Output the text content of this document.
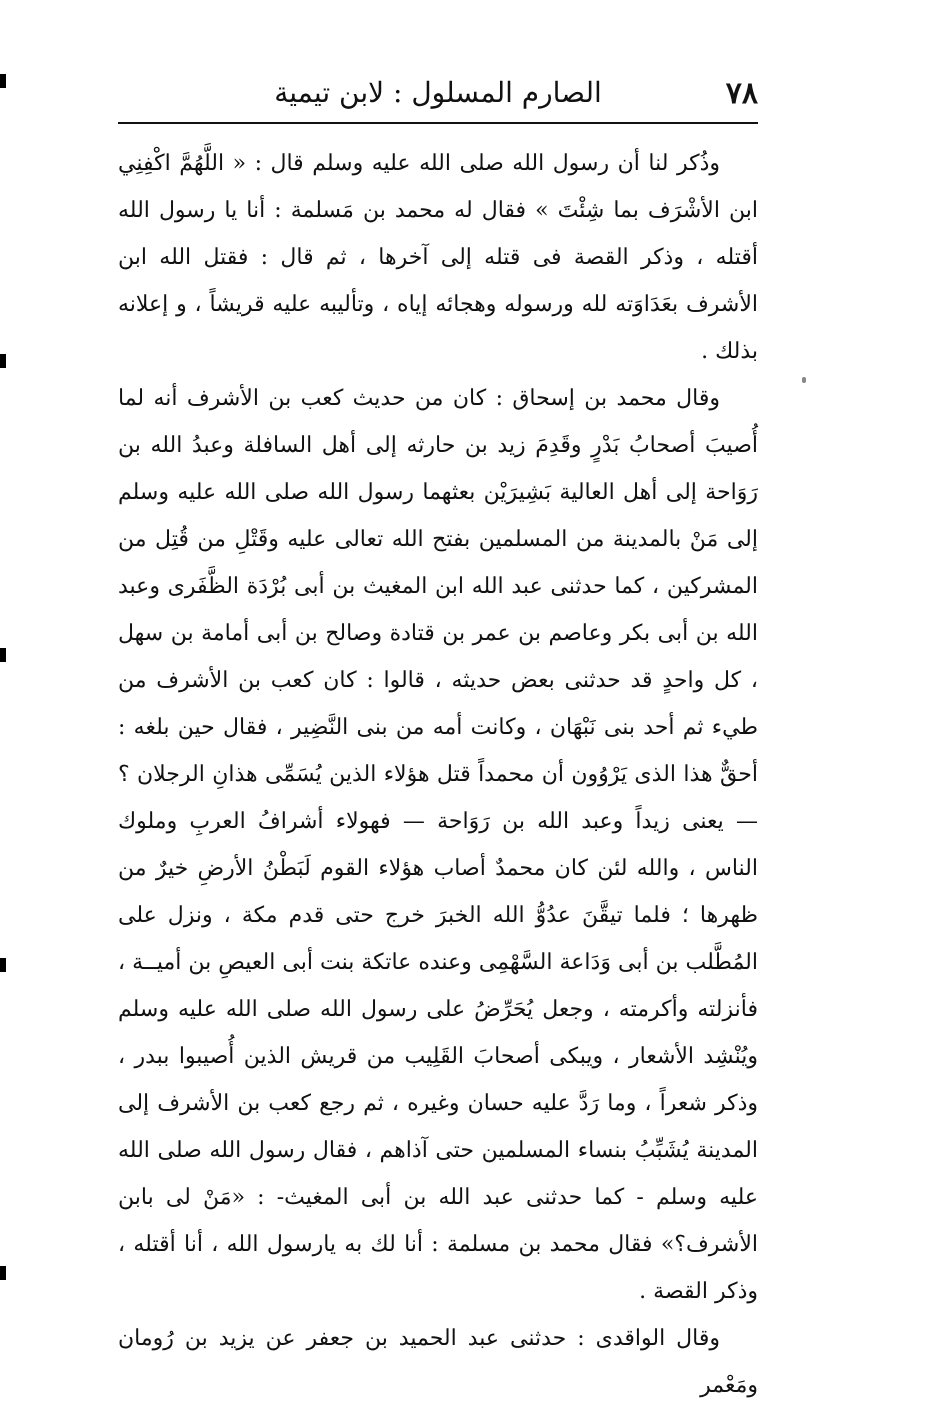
٧٨
الصارم المسلول : لابن تيمية

وذُكر لنا أن رسول الله صلى الله عليه وسلم قال : « اللَّهُمَّ اكْفِنِي ابن الأشْرَف بما شِئْتَ » فقال له محمد بن مَسلمة : أنا يا رسول الله أقتله ، وذكر القصة فى قتله إلى آخرها ، ثم قال : فقتل الله ابن الأشرف بعَدَاوَته لله ورسوله وهجائه إياه ، وتأليبه عليه قريشاً ، و إعلانه بذلك .

وقال محمد بن إسحاق : كان من حديث كعب بن الأشرف أنه لما أُصيبَ أصحابُ بَدْرٍ وقَدِمَ زيد بن حارثه إلى أهل السافلة وعبدُ الله بن رَوَاحة إلى أهل العالية بَشِيرَيْن بعثهما رسول الله صلى الله عليه وسلم إلى مَنْ بالمدينة من المسلمين بفتح الله تعالى عليه وقَتْلِ من قُتِل من المشركين ، كما حدثنى عبد الله ابن المغيث بن أبى بُرْدَة الظَّفَرى وعبد الله بن أبى بكر وعاصم بن عمر بن قتادة وصالح بن أبى أمامة بن سهل ، كل واحدٍ قد حدثنى بعض حديثه ، قالوا : كان كعب بن الأشرف من طيء ثم أحد بنى نَبْهَان ، وكانت أمه من بنى النَّضِير ، فقال حين بلغه : أحقٌّ هذا الذى يَرْوُون أن محمداً قتل هؤلاء الذين يُسَمِّى هذانِ الرجلان ؟ — يعنى زيداً وعبد الله بن رَوَاحة — فهولاء أشرافُ العربِ وملوك الناس ، والله لئن كان محمدٌ أصاب هؤلاء القوم لَبَطْنُ الأرضِ خيرٌ من ظهرها ؛ فلما تيقَّنَ عدُوُّ الله الخبرَ خرج حتى قدم مكة ، ونزل على المُطَّلب بن أبى وَدَاعة السَّهْمِى وعنده عاتكة بنت أبى العيصِ بن أميــة ، فأنزلته وأكرمته ، وجعل يُحَرِّضُ على رسول الله صلى الله عليه وسلم ويُنْشِد الأشعار ، ويبكى أصحابَ القَلِيب من قريش الذين أُصيبوا ببدر ، وذكر شعراً ، وما رَدَّ عليه حسان وغيره ، ثم رجع كعب بن الأشرف إلى المدينة يُشَبِّبُ بنساء المسلمين حتى آذاهم ، فقال رسول الله صلى الله عليه وسلم - كما حدثنى عبد الله بن أبى المغيث- : «مَنْ لى بابن الأشرف؟» فقال محمد بن مسلمة : أنا لك به يارسول الله ، أنا أقتله ، وذكر القصة .

وقال الواقدى : حدثنى عبد الحميد بن جعفر عن يزيد بن رُومان ومَعْمر
